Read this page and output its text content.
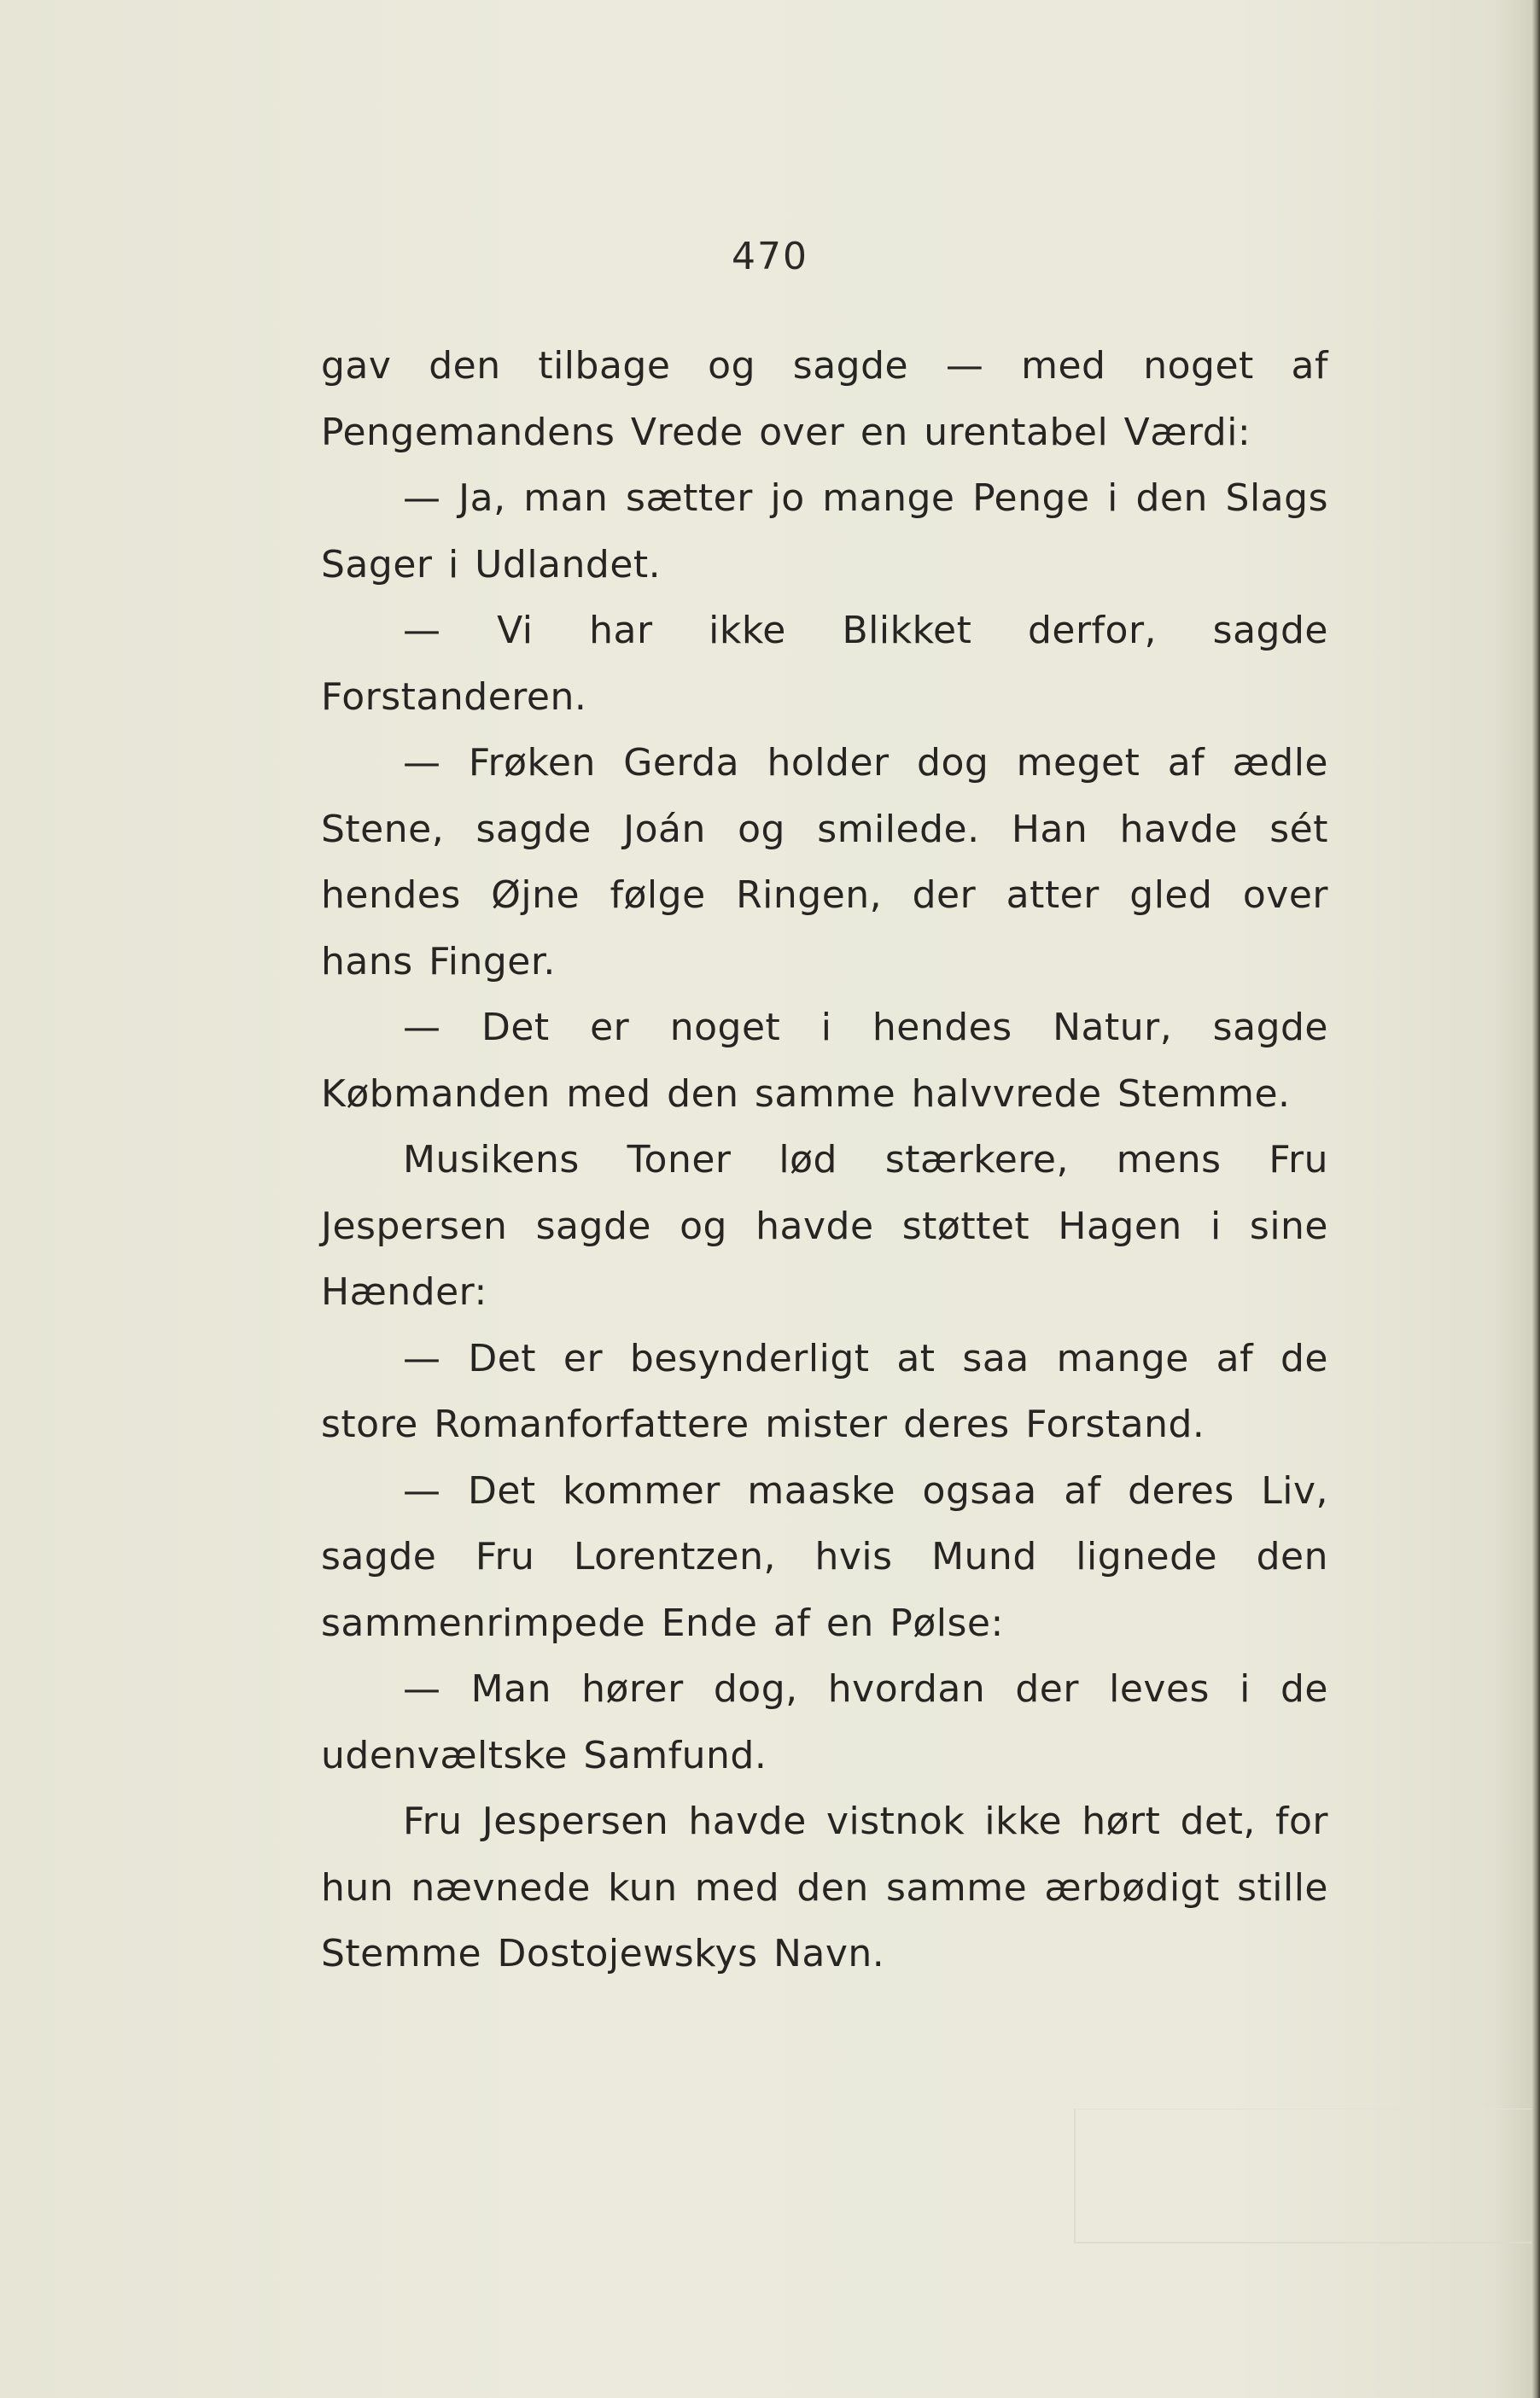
470

gav den tilbage og sagde — med noget af Pengemandens Vrede over en urentabel Værdi:

— Ja, man sætter jo mange Penge i den Slags Sager i Udlandet.

— Vi har ikke Blikket derfor, sagde Forstanderen.

— Frøken Gerda holder dog meget af ædle Stene, sagde Joán og smilede. Han havde sét hendes Øjne følge Ringen, der atter gled over hans Finger.

— Det er noget i hendes Natur, sagde Købmanden med den samme halvvrede Stemme.

Musikens Toner lød stærkere, mens Fru Jespersen sagde og havde støttet Hagen i sine Hænder:

— Det er besynderligt at saa mange af de store Romanforfattere mister deres Forstand.

— Det kommer maaske ogsaa af deres Liv, sagde Fru Lorentzen, hvis Mund lignede den sammenrimpede Ende af en Pølse:

— Man hører dog, hvordan der leves i de udenvæltske Samfund.

Fru Jespersen havde vistnok ikke hørt det, for hun nævnede kun med den samme ærbødigt stille Stemme Dostojewskys Navn.
